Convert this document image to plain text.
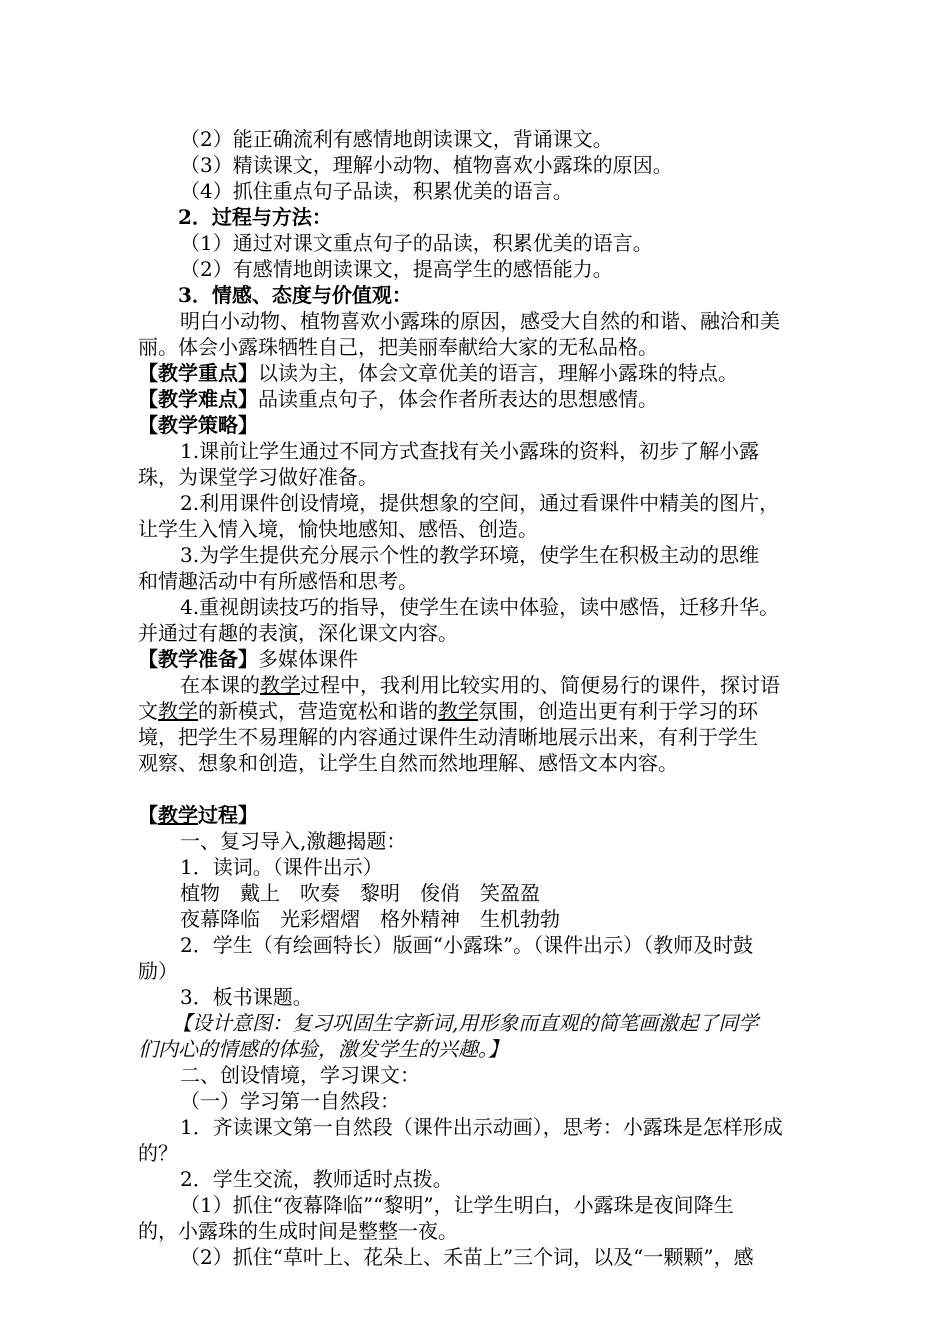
（2）能正确流利有感情地朗读课文，背诵课文。
（3）精读课文，理解小动物、植物喜欢小露珠的原因。
（4）抓住重点句子品读，积累优美的语言。
2．过程与方法：
（1）通过对课文重点句子的品读，积累优美的语言。
（2）有感情地朗读课文，提高学生的感悟能力。
3．情感、态度与价值观：
明白小动物、植物喜欢小露珠的原因，感受大自然的和谐、融洽和美
丽。体会小露珠牺牲自己，把美丽奉献给大家的无私品格。
【教学重点】以读为主，体会文章优美的语言，理解小露珠的特点。
【教学难点】品读重点句子，体会作者所表达的思想感情。
【教学策略】
1.课前让学生通过不同方式查找有关小露珠的资料，初步了解小露
珠，为课堂学习做好准备。
2.利用课件创设情境，提供想象的空间，通过看课件中精美的图片，
让学生入情入境，愉快地感知、感悟、创造。
3.为学生提供充分展示个性的教学环境，使学生在积极主动的思维
和情趣活动中有所感悟和思考。
4.重视朗读技巧的指导，使学生在读中体验，读中感悟，迁移升华。
并通过有趣的表演，深化课文内容。
【教学准备】多媒体课件
在本课的教学过程中，我利用比较实用的、简便易行的课件，探讨语
文教学的新模式，营造宽松和谐的教学氛围，创造出更有利于学习的环
境，把学生不易理解的内容通过课件生动清晰地展示出来，有利于学生
观察、想象和创造，让学生自然而然地理解、感悟文本内容。
【教学过程】
一、复习导入,激趣揭题：
1．读词。（课件出示）
植物　戴上　吹奏　黎明　俊俏　笑盈盈
夜幕降临　光彩熠熠　格外精神　生机勃勃
2．学生（有绘画特长）版画“小露珠”。（课件出示）（教师及时鼓
励）
3．板书课题。
【设计意图：复习巩固生字新词,用形象而直观的简笔画激起了同学
们内心的情感的体验，激发学生的兴趣。】
二、创设情境，学习课文：
（一）学习第一自然段：
1．齐读课文第一自然段（课件出示动画），思考：小露珠是怎样形成
的？
2．学生交流，教师适时点拨。
（1）抓住“夜幕降临”“黎明”，让学生明白，小露珠是夜间降生
的，小露珠的生成时间是整整一夜。
（2）抓住“草叶上、花朵上、禾苗上”三个词，以及“一颗颗”，感
